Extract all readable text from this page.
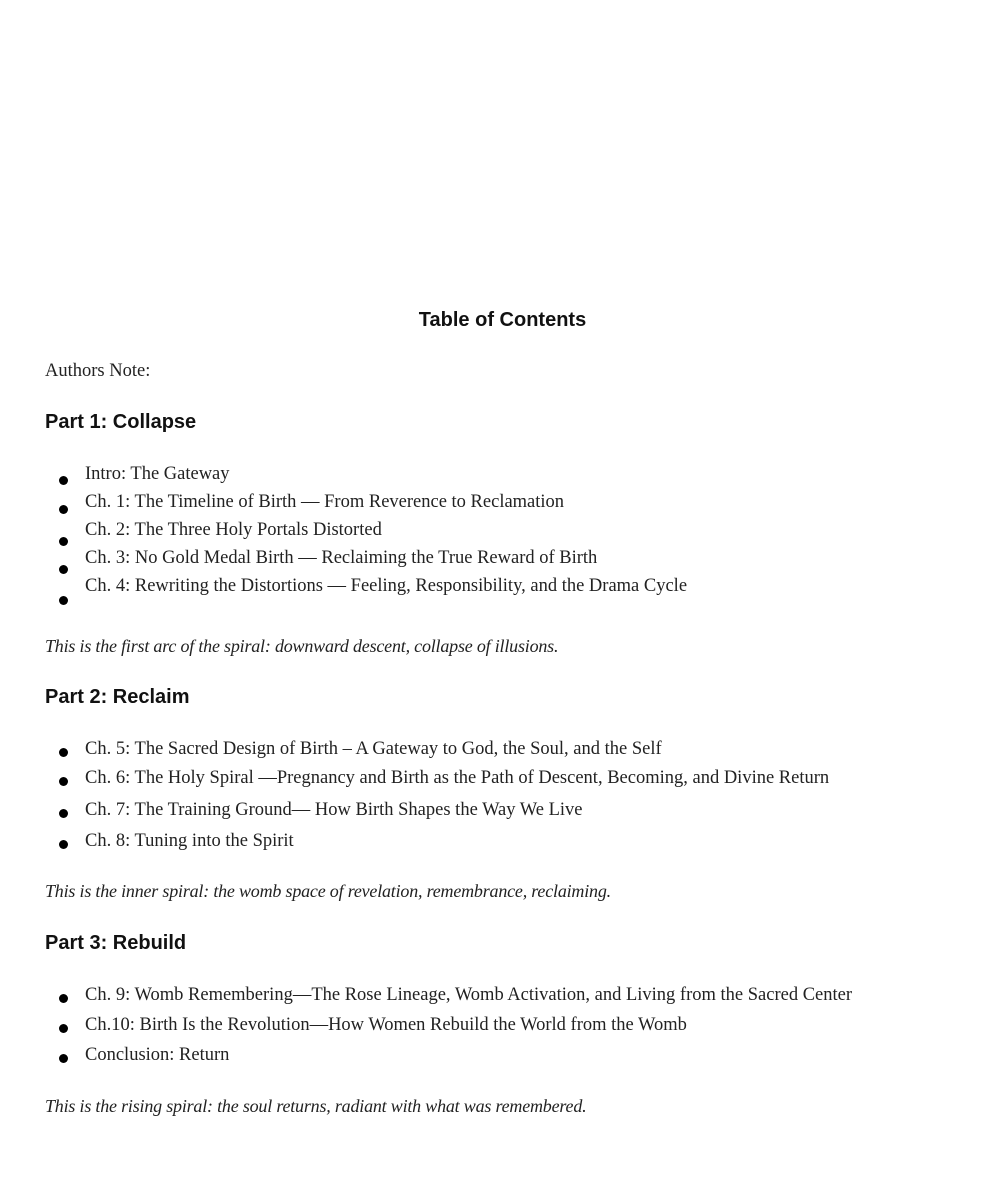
Table of Contents
Authors Note:
Part 1: Collapse
Intro: The Gateway
Ch. 1: The Timeline of Birth — From Reverence to Reclamation
Ch. 2: The Three Holy Portals Distorted
Ch. 3: No Gold Medal Birth — Reclaiming the True Reward of Birth
Ch. 4: Rewriting the Distortions — Feeling, Responsibility, and the Drama Cycle
This is the first arc of the spiral: downward descent, collapse of illusions.
Part 2: Reclaim
Ch. 5: The Sacred Design of Birth – A Gateway to God, the Soul, and the Self
Ch. 6: The Holy Spiral —Pregnancy and Birth as the Path of Descent, Becoming, and Divine Return
Ch. 7: The Training Ground— How Birth Shapes the Way We Live
Ch. 8: Tuning into the Spirit
This is the inner spiral: the womb space of revelation, remembrance, reclaiming.
Part 3: Rebuild
Ch. 9: Womb Remembering—The Rose Lineage, Womb Activation, and Living from the Sacred Center
Ch.10: Birth Is the Revolution—How Women Rebuild the World from the Womb
Conclusion: Return
This is the rising spiral: the soul returns, radiant with what was remembered.
